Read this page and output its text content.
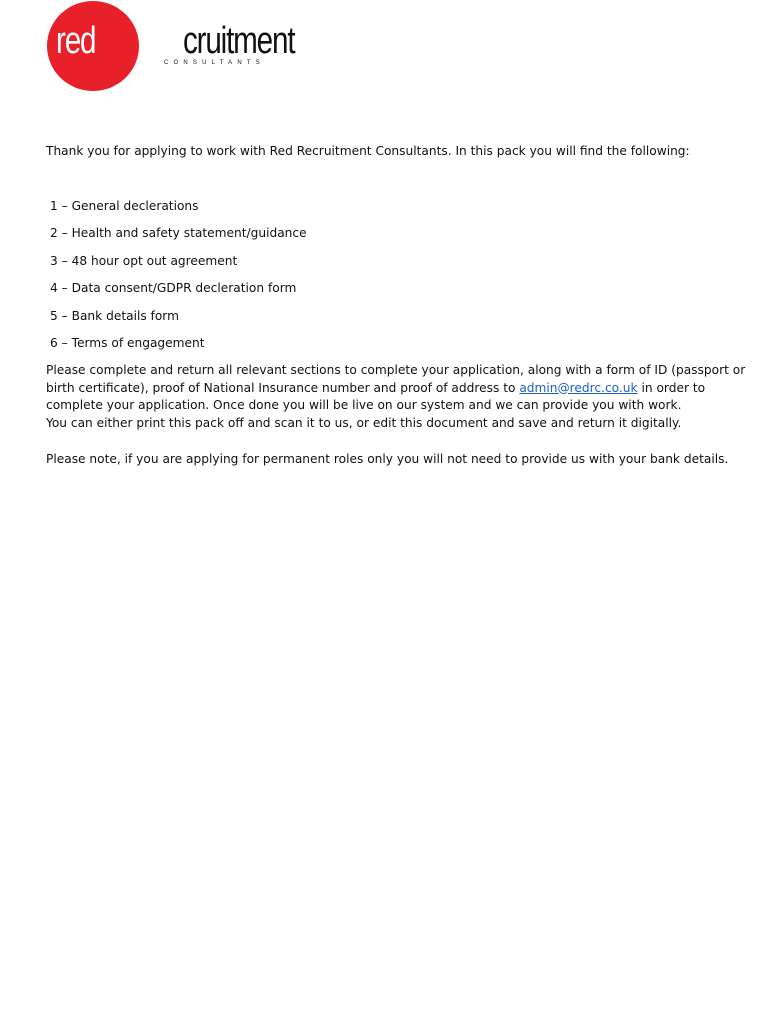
red recruitment
CONSULTANTS
Thank you for applying to work with Red Recruitment Consultants. In this pack you will find the following:
1 – General declerations
2 – Health and safety statement/guidance
3 – 48 hour opt out agreement
4 – Data consent/GDPR decleration form
5 – Bank details form
6 – Terms of engagement
Please complete and return all relevant sections to complete your application, along with a form of ID (passport or
birth certificate), proof of National Insurance number and proof of address to admin@redrc.co.uk in order to
complete your application. Once done you will be live on our system and we can provide you with work.
You can either print this pack off and scan it to us, or edit this document and save and return it digitally.
Please note, if you are applying for permanent roles only you will not need to provide us with your bank details.
